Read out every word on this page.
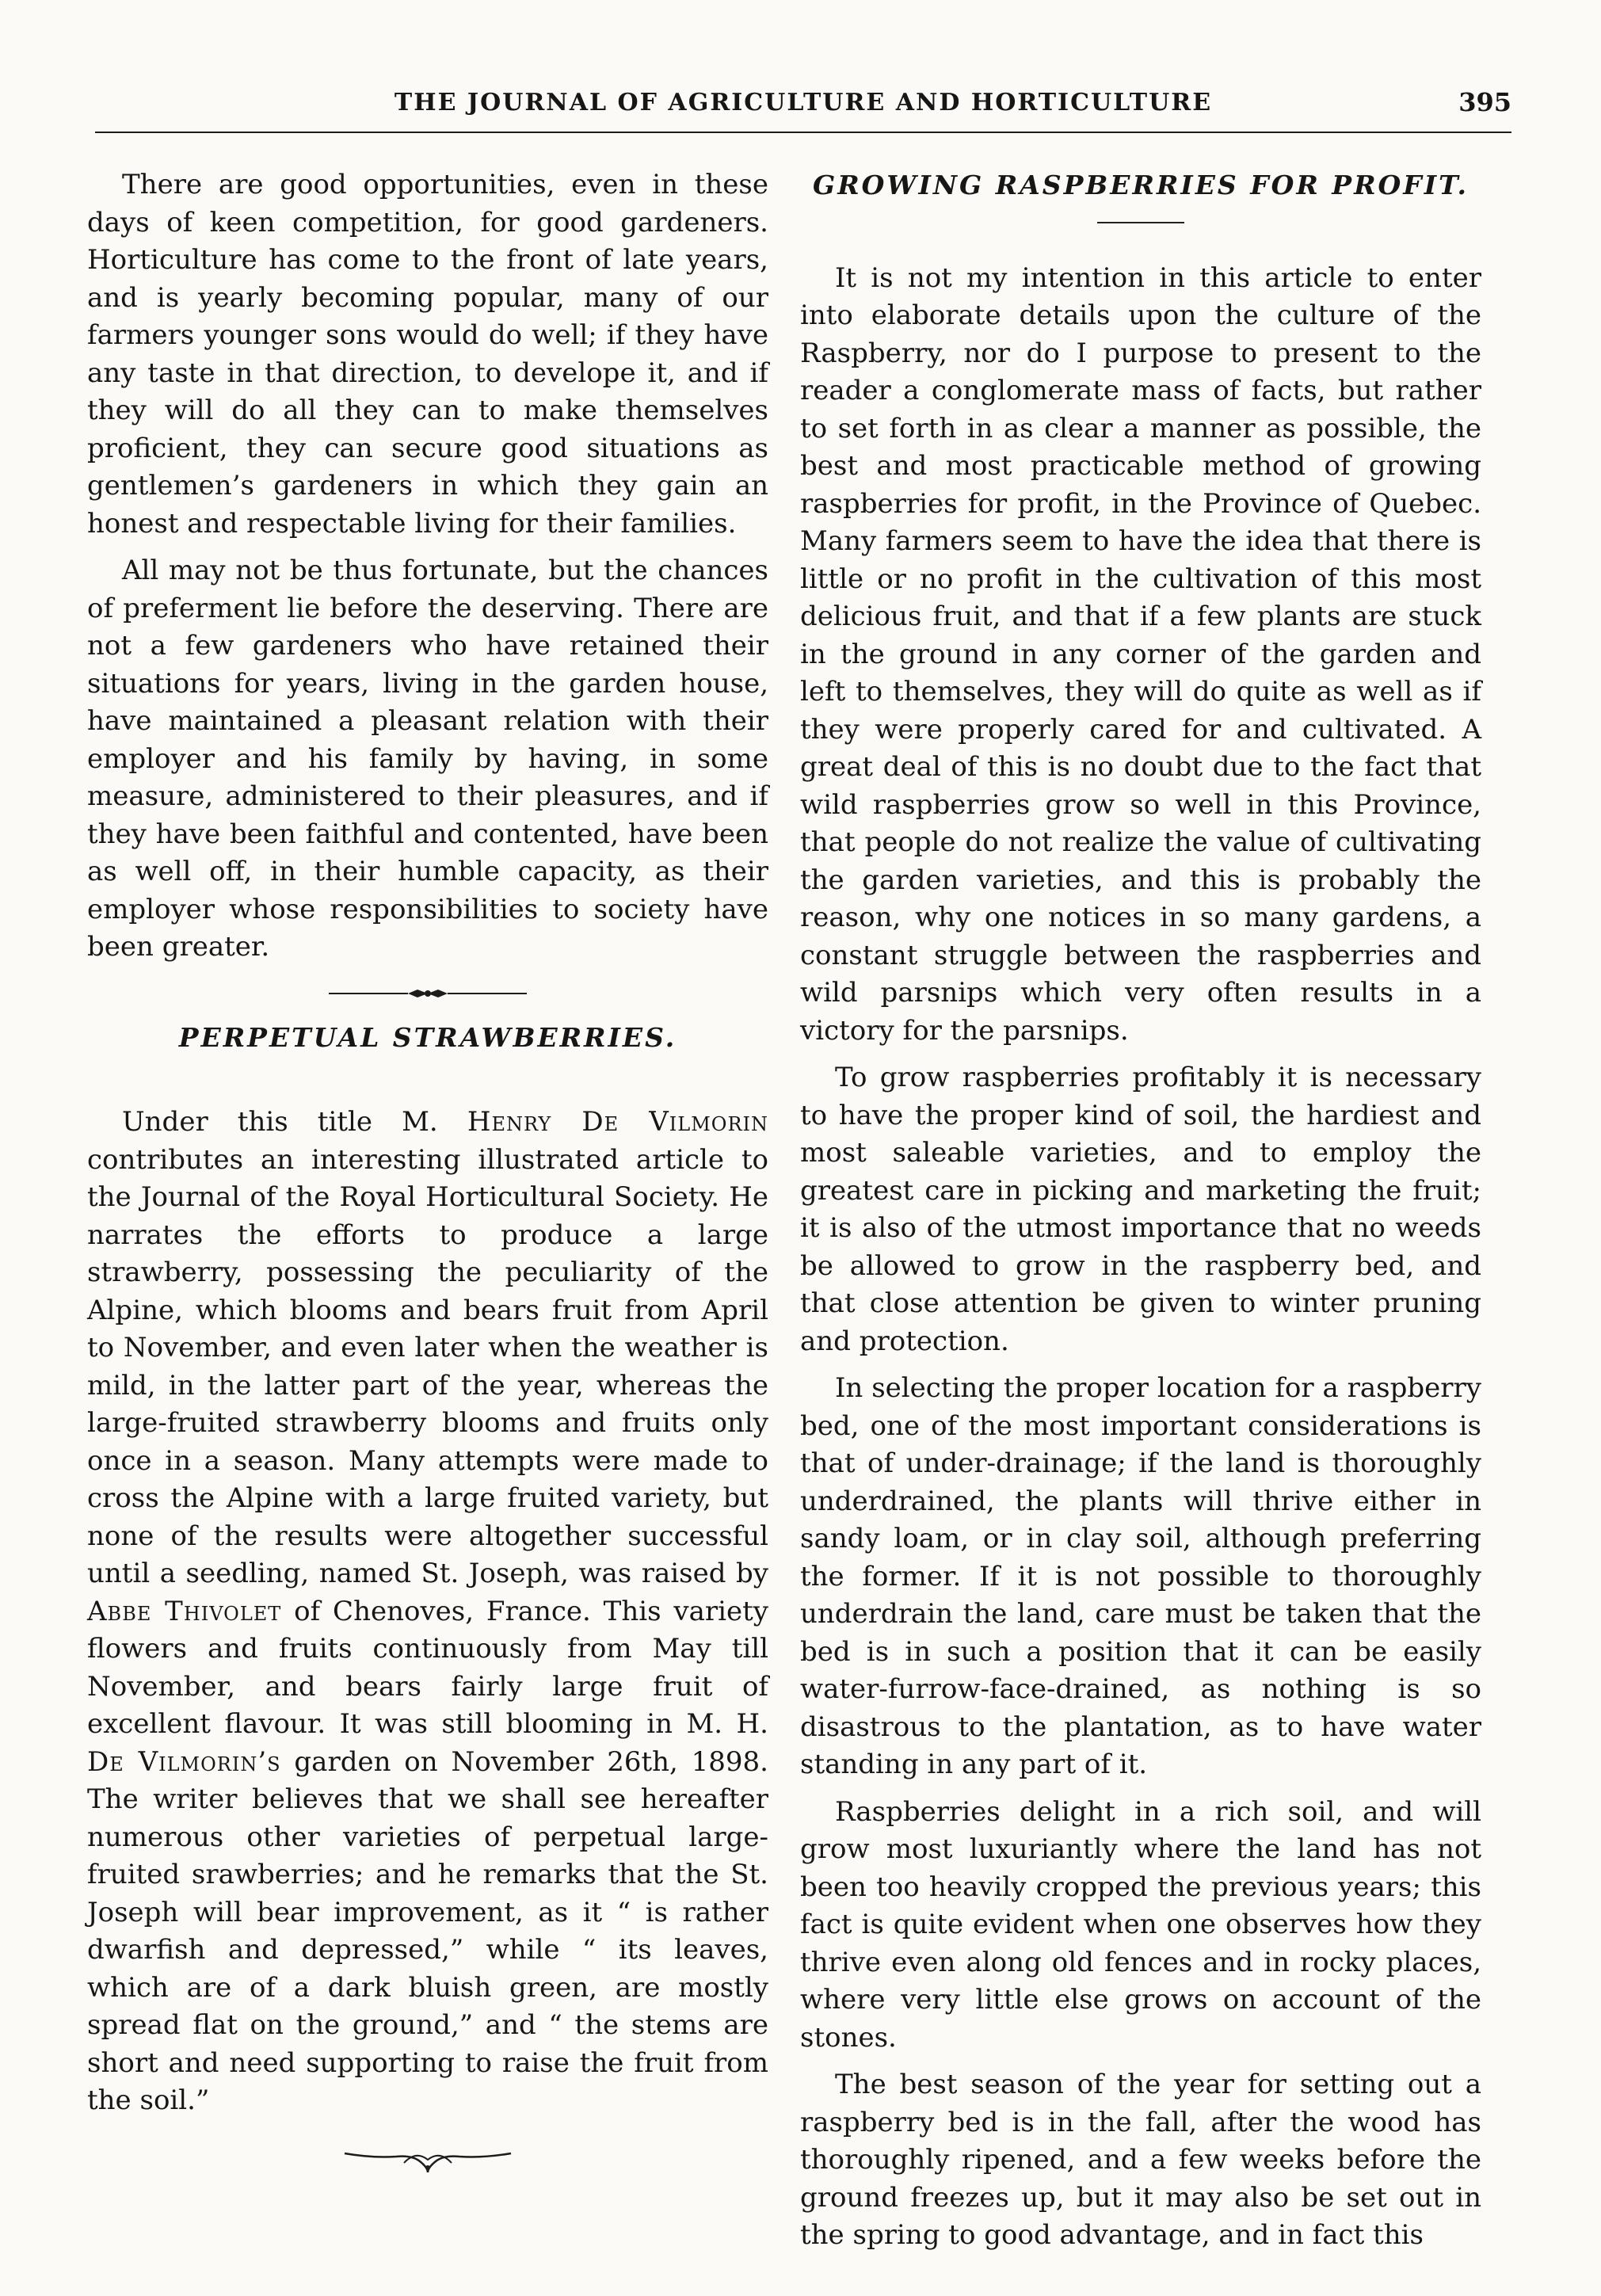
THE JOURNAL OF AGRICULTURE AND HORTICULTURE	395

There are good opportunities, even in these days of keen competition, for good gardeners. Horticulture has come to the front of late years, and is yearly becoming popular, many of our farmers younger sons would do well; if they have any taste in that direction, to develope it, and if they will do all they can to make themselves proficient, they can secure good situations as gentlemen’s gardeners in which they gain an honest and respectable living for their families.

All may not be thus fortunate, but the chances of preferment lie before the deserving. There are not a few gardeners who have retained their situations for years, living in the garden house, have maintained a pleasant relation with their employer and his family by having, in some measure, administered to their pleasures, and if they have been faithful and contented, have been as well off, in their humble capacity, as their employer whose responsibilities to society have been greater.

PERPETUAL STRAWBERRIES.

Under this title M. Henry De Vilmorin contributes an interesting illustrated article to the Journal of the Royal Horticultural Society. He narrates the efforts to produce a large strawberry, possessing the peculiarity of the Alpine, which blooms and bears fruit from April to November, and even later when the weather is mild, in the latter part of the year, whereas the large-fruited strawberry blooms and fruits only once in a season. Many attempts were made to cross the Alpine with a large fruited variety, but none of the results were altogether successful until a seedling, named St. Joseph, was raised by Abbe Thivolet of Chenoves, France. This variety flowers and fruits continuously from May till November, and bears fairly large fruit of excellent flavour. It was still blooming in M. H. De Vilmorin’s garden on November 26th, 1898. The writer believes that we shall see hereafter numerous other varieties of perpetual large-fruited srawberries; and he remarks that the St. Joseph will bear improvement, as it “ is rather dwarfish and depressed,” while “ its leaves, which are of a dark bluish green, are mostly spread flat on the ground,” and “ the stems are short and need supporting to raise the fruit from the soil.”

GROWING RASPBERRIES FOR PROFIT.

It is not my intention in this article to enter into elaborate details upon the culture of the Raspberry, nor do I purpose to present to the reader a conglomerate mass of facts, but rather to set forth in as clear a manner as possible, the best and most practicable method of growing raspberries for profit, in the Province of Quebec. Many farmers seem to have the idea that there is little or no profit in the cultivation of this most delicious fruit, and that if a few plants are stuck in the ground in any corner of the garden and left to themselves, they will do quite as well as if they were properly cared for and cultivated. A great deal of this is no doubt due to the fact that wild raspberries grow so well in this Province, that people do not realize the value of cultivating the garden varieties, and this is probably the reason, why one notices in so many gardens, a constant struggle between the raspberries and wild parsnips which very often results in a victory for the parsnips.

To grow raspberries profitably it is necessary to have the proper kind of soil, the hardiest and most saleable varieties, and to employ the greatest care in picking and marketing the fruit; it is also of the utmost importance that no weeds be allowed to grow in the raspberry bed, and that close attention be given to winter pruning and protection.

In selecting the proper location for a raspberry bed, one of the most important considerations is that of under-drainage; if the land is thoroughly underdrained, the plants will thrive either in sandy loam, or in clay soil, although preferring the former. If it is not possible to thoroughly underdrain the land, care must be taken that the bed is in such a position that it can be easily water-furrow-face-drained, as nothing is so disastrous to the plantation, as to have water standing in any part of it.

Raspberries delight in a rich soil, and will grow most luxuriantly where the land has not been too heavily cropped the previous years; this fact is quite evident when one observes how they thrive even along old fences and in rocky places, where very little else grows on account of the stones.

The best season of the year for setting out a raspberry bed is in the fall, after the wood has thoroughly ripened, and a few weeks before the ground freezes up, but it may also be set out in the spring to good advantage, and in fact this
